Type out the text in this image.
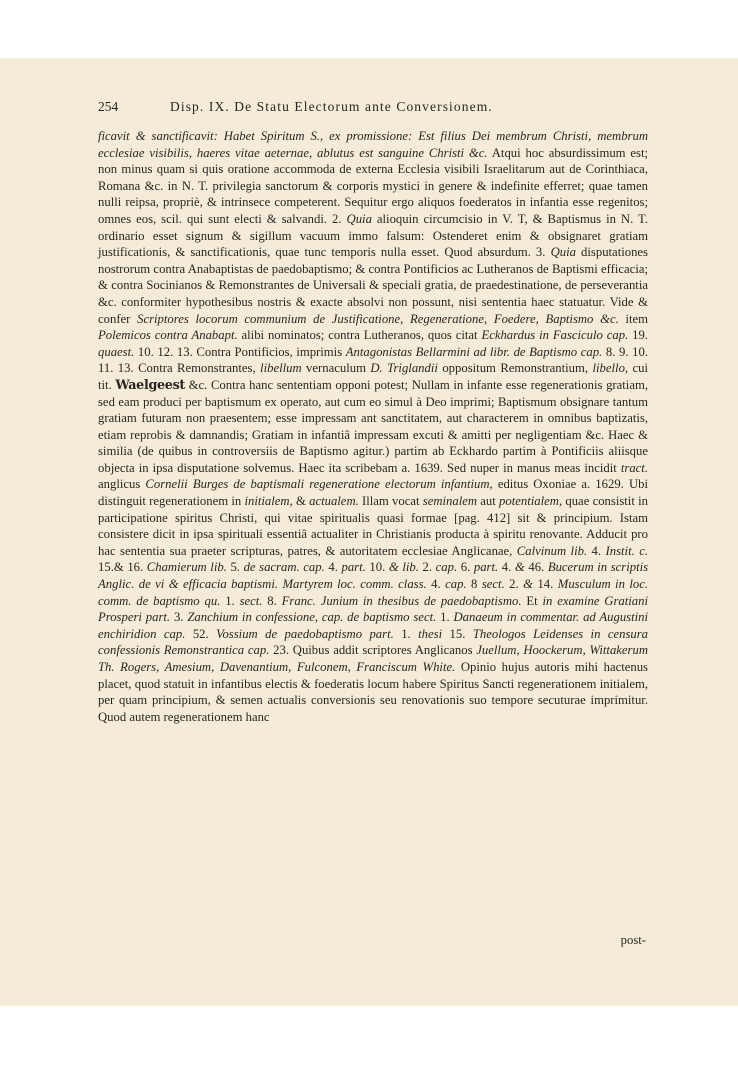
254	Disp. IX. De Statu Electorum ante Conversionem.
ficavit & sanctificavit: Habet Spiritum S., ex promissione: Est filius Dei membrum Christi, membrum ecclesiae visibilis, haeres vitae aeternae, ablutus est sanguine Christi &c. Atqui hoc absurdissimum est; non minus quam si quis oratione accommoda de externa Ecclesia visibili Israelitarum aut de Corinthiaca, Romana &c. in N. T. privilegia sanctorum & corporis mystici in genere & indefinite efferret; quae tamen nulli reipsa, propriè, & intrinsece competerent. Sequitur ergo aliquos foederatos in infantia esse regenitos; omnes eos, scil. qui sunt electi & salvandi. 2. Quia alioquin circumcisio in V. T, & Baptismus in N. T. ordinario esset signum & sigillum vacuum immo falsum: Ostenderet enim & obsignaret gratiam justificationis, & sanctificationis, quae tunc temporis nulla esset. Quod absurdum. 3. Quia disputationes nostrorum contra Anabaptistas de paedobaptismo; & contra Pontificios ac Lutheranos de Baptismi efficacia; & contra Socinianos & Remonstrantes de Universali & speciali gratia, de praedestinatione, de perseverantia &c. conformiter hypothesibus nostris & exacte absolvi non possunt, nisi sententia haec statuatur. Vide & confer Scriptores locorum communium de Justificatione, Regeneratione, Foedere, Baptismo &c. item Polemicos contra Anabapt. alibi nominatos; contra Lutheranos, quos citat Eckhardus in Fasciculo cap. 19. quaest. 10. 12. 13. Contra Pontificios, imprimis Antagonistas Bellarmini ad libr. de Baptismo cap. 8. 9. 10. 11. 13. Contra Remonstrantes, libellum vernaculum D. Triglandii oppositum Remonstrantium, libello, cui tit. Waelgeest &c. Contra hanc sententiam opponi potest; Nullam in infante esse regenerationis gratiam, sed eam produci per baptismum ex operato, aut cum eo simul à Deo imprimi; Baptismum obsignare tantum gratiam futuram non praesentem; esse impressam ant sanctitatem, aut characterem in omnibus baptizatis, etiam reprobis & damnandis; Gratiam in infantiâ impressam excuti & amitti per negligentiam &c. Haec & similia (de quibus in controversiis de Baptismo agitur.) partim ab Eckhardo partim à Pontificiis aliisque objecta in ipsa disputatione solvemus. Haec ita scribebam a. 1639. Sed nuper in manus meas incidit tract. anglicus Cornelii Burges de baptismali regeneratione electorum infantium, editus Oxoniae a. 1629. Ubi distinguit regenerationem in initialem, & actualem. Illam vocat seminalem aut potentialem, quae consistit in participatione spiritus Christi, qui vitae spiritualis quasi formae [pag. 412] sit & principium. Istam consistere dicit in ipsa spirituali essentiâ actualiter in Christianis producta à spiritu renovante. Adducit pro hac sententia sua praeter scripturas, patres, & autoritatem ecclesiae Anglicanae, Calvinum lib. 4. Instit. c. 15.& 16. Chamierum lib. 5. de sacram. cap. 4. part. 10. & lib. 2. cap. 6. part. 4. & 46. Bucerum in scriptis Anglic. de vi & efficacia baptismi. Martyrem loc. comm. class. 4. cap. 8 sect. 2. & 14. Musculum in loc. comm. de baptismo qu. 1. sect. 8. Franc. Junium in thesibus de paedobaptismo. Et in examine Gratiani Prosperi part. 3. Zanchium in confessione, cap. de baptismo sect. 1. Danaeum in commentar. ad Augustini enchiridion cap. 52. Vossium de paedobaptismo part. 1. thesi 15. Theologos Leidenses in censura confessionis Remonstrantica cap. 23. Quibus addit scriptores Anglicanos Juellum, Hoockerum, Wittakerum Th. Rogers, Amesium, Davenantium, Fulconem, Franciscum White. Opinio hujus autoris mihi hactenus placet, quod statuit in infantibus electis & foederatis locum habere Spiritus Sancti regenerationem initialem, per quam principium, & semen actualis conversionis seu renovationis suo tempore secuturae imprimitur. Quod autem regenerationem hanc
post-
